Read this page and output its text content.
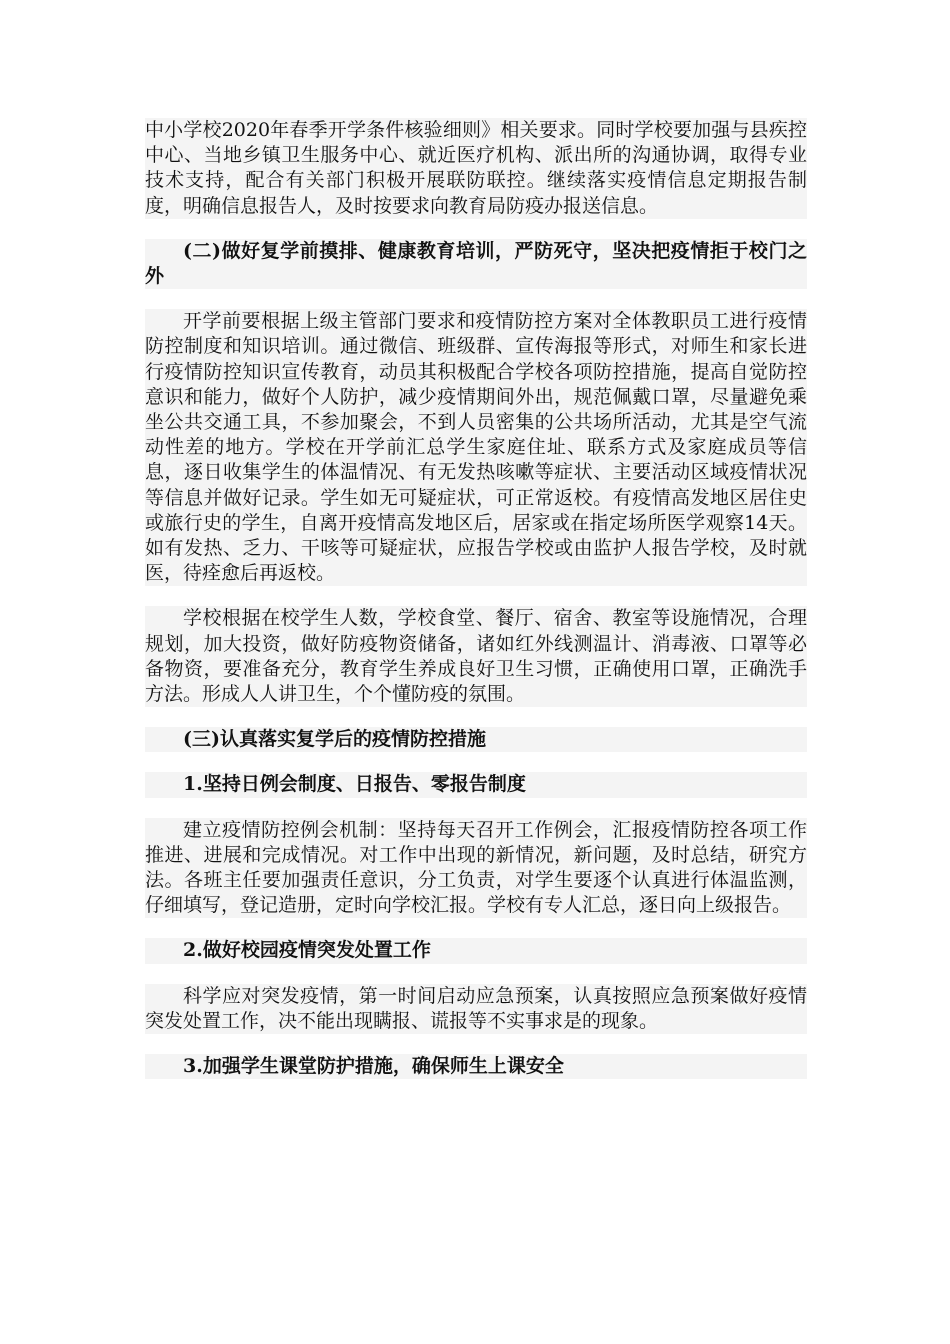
中小学校2020年春季开学条件核验细则》相关要求。同时学校要加强与县疾控中心、当地乡镇卫生服务中心、就近医疗机构、派出所的沟通协调，取得专业技术支持，配合有关部门积极开展联防联控。继续落实疫情信息定期报告制度，明确信息报告人，及时按要求向教育局防疫办报送信息。

(二)做好复学前摸排、健康教育培训，严防死守，坚决把疫情拒于校门之外

开学前要根据上级主管部门要求和疫情防控方案对全体教职员工进行疫情防控制度和知识培训。通过微信、班级群、宣传海报等形式，对师生和家长进行疫情防控知识宣传教育，动员其积极配合学校各项防控措施，提高自觉防控意识和能力，做好个人防护，减少疫情期间外出，规范佩戴口罩，尽量避免乘坐公共交通工具，不参加聚会，不到人员密集的公共场所活动，尤其是空气流动性差的地方。学校在开学前汇总学生家庭住址、联系方式及家庭成员等信息，逐日收集学生的体温情况、有无发热咳嗽等症状、主要活动区域疫情状况等信息并做好记录。学生如无可疑症状，可正常返校。有疫情高发地区居住史或旅行史的学生，自离开疫情高发地区后，居家或在指定场所医学观察14天。如有发热、乏力、干咳等可疑症状，应报告学校或由监护人报告学校，及时就医，待痊愈后再返校。

学校根据在校学生人数，学校食堂、餐厅、宿舍、教室等设施情况，合理规划，加大投资，做好防疫物资储备，诸如红外线测温计、消毒液、口罩等必备物资，要准备充分，教育学生养成良好卫生习惯，正确使用口罩，正确洗手方法。形成人人讲卫生，个个懂防疫的氛围。

(三)认真落实复学后的疫情防控措施

1.坚持日例会制度、日报告、零报告制度

建立疫情防控例会机制：坚持每天召开工作例会，汇报疫情防控各项工作推进、进展和完成情况。对工作中出现的新情况，新问题，及时总结，研究方法。各班主任要加强责任意识，分工负责，对学生要逐个认真进行体温监测，仔细填写，登记造册，定时向学校汇报。学校有专人汇总，逐日向上级报告。

2.做好校园疫情突发处置工作

科学应对突发疫情，第一时间启动应急预案，认真按照应急预案做好疫情突发处置工作，决不能出现瞒报、谎报等不实事求是的现象。

3.加强学生课堂防护措施，确保师生上课安全
